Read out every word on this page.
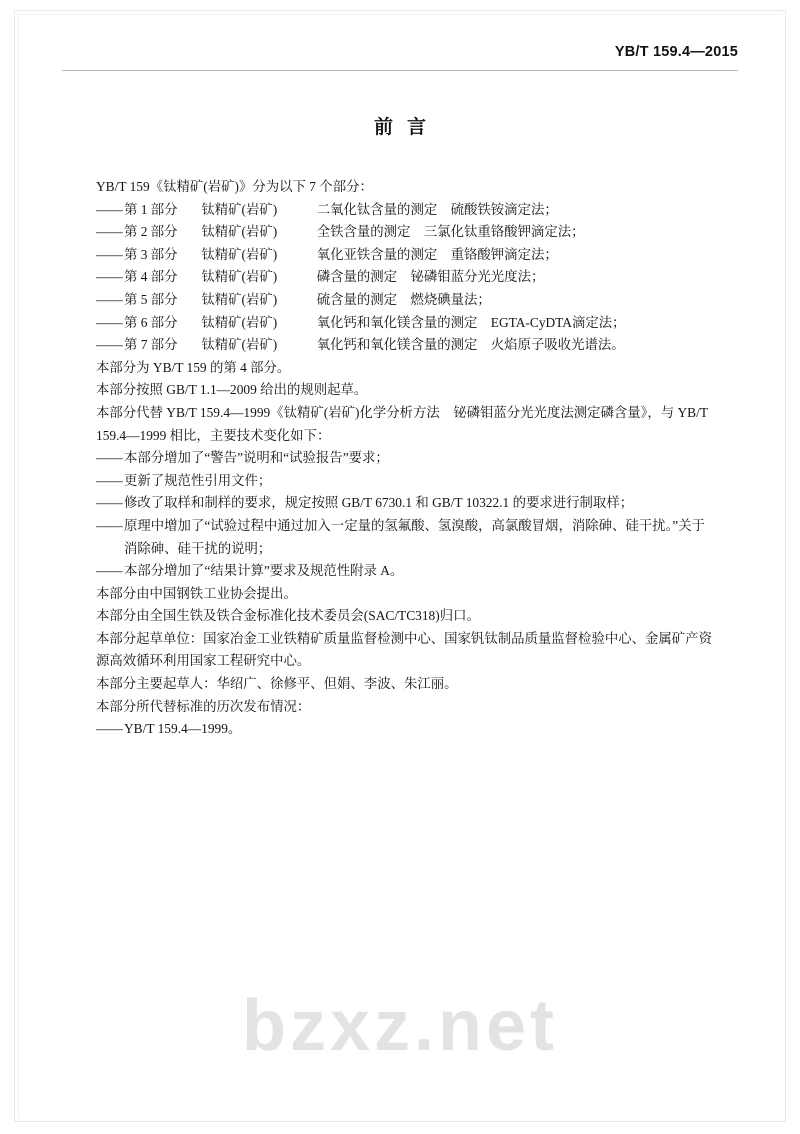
YB/T 159.4—2015
前言
YB/T 159《钛精矿(岩矿)》分为以下 7 个部分：
—— 第 1 部分 钛精矿(岩矿)	二氧化钛含量的测定　硫酸铁铵滴定法；
—— 第 2 部分 钛精矿(岩矿)	全铁含量的测定　三氯化钛重铬酸钾滴定法；
—— 第 3 部分 钛精矿(岩矿)	氧化亚铁含量的测定　重铬酸钾滴定法；
—— 第 4 部分 钛精矿(岩矿)	磷含量的测定　铋磷钼蓝分光光度法；
—— 第 5 部分 钛精矿(岩矿)	硫含量的测定　燃烧碘量法；
—— 第 6 部分 钛精矿(岩矿)	氧化钙和氧化镁含量的测定　EGTA-CyDTA滴定法；
—— 第 7 部分 钛精矿(岩矿)	氧化钙和氧化镁含量的测定　火焰原子吸收光谱法。
本部分为 YB/T 159 的第 4 部分。
本部分按照 GB/T 1.1—2009 给出的规则起草。
本部分代替 YB/T 159.4—1999《钛精矿(岩矿)化学分析方法　铋磷钼蓝分光光度法测定磷含量》，与 YB/T 159.4—1999 相比，主要技术变化如下：
—— 本部分增加了“警告”说明和“试验报告”要求；
—— 更新了规范性引用文件；
—— 修改了取样和制样的要求，规定按照 GB/T 6730.1 和 GB/T 10322.1 的要求进行制取样；
—— 原理中增加了“试验过程中通过加入一定量的氢氟酸、氢溴酸，高氯酸冒烟，消除砷、硅干扰。”关于消除砷、硅干扰的说明；
—— 本部分增加了“结果计算”要求及规范性附录 A。
本部分由中国钢铁工业协会提出。
本部分由全国生铁及铁合金标准化技术委员会(SAC/TC318)归口。
本部分起草单位：国家冶金工业铁精矿质量监督检测中心、国家钒钛制品质量监督检验中心、金属矿产资源高效循环利用国家工程研究中心。
本部分主要起草人：华绍广、徐修平、但娟、李波、朱江丽。
本部分所代替标准的历次发布情况：
—— YB/T 159.4—1999。
bzxz.net
